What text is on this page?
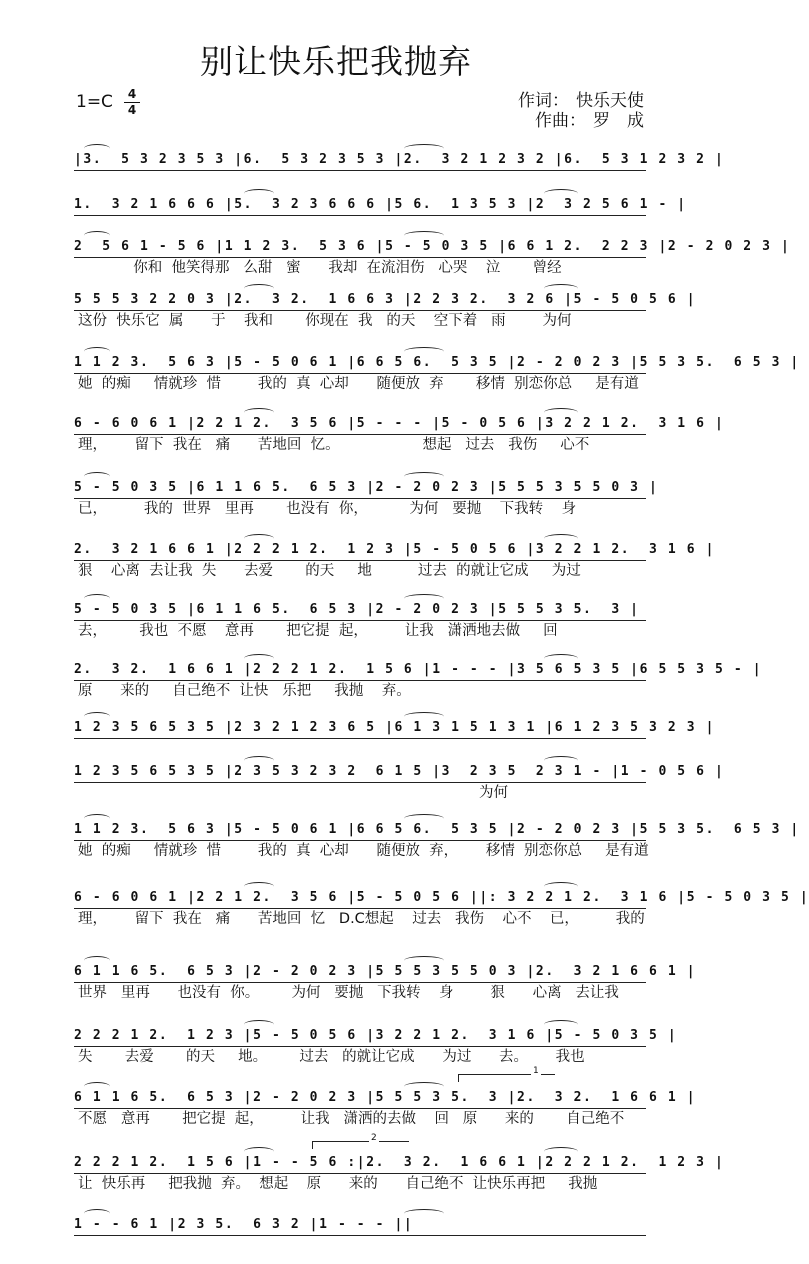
别让快乐把我抛弃
1=C	4
4	作词： 快乐天使
作曲： 罗　成
|3.  5 3 2 3 5 3 |6.  5 3 2 3 5 3 |2.  3 2 1 2 3 2 |6.  5 3 1 2 3 2 |
1.  3 2 1 6 6 6 |5.  3 2 3 6 6 6 |5 6.  1 3 5 3 |2  3 2 5 6 1 - |
2  5 6 1 - 5 6 |1 1 2 3.  5 3 6 |5 - 5 0 3 5 |6 6 1 2.  2 2 3 |2 - 2 0 2 3 |
你和  他笑得那   么甜   蜜      我却  在流泪伤   心哭    泣       曾经
5 5 5 3 2 2 0 3 |2.  3 2.  1 6 6 3 |2 2 3 2.  3 2 6 |5 - 5 0 5 6 |
这份  快乐它  属      于    我和       你现在  我   的天    空下着   雨        为何
1 1 2 3.  5 6 3 |5 - 5 0 6 1 |6 6 5 6.  5 3 5 |2 - 2 0 2 3 |5 5 3 5.  6 5 3 |
她  的痴     情就珍  惜        我的  真  心却      随便放  弃       移情  别恋你总     是有道
6 - 6 0 6 1 |2 2 1 2.  3 5 6 |5 - - - |5 - 0 5 6 |3 2 2 1 2.  3 1 6 |
理，      留下  我在   痛      苦地回  忆。                  想起   过去   我伤     心不
5 - 5 0 3 5 |6 1 1 6 5.  6 5 3 |2 - 2 0 2 3 |5 5 5 3 5 5 0 3 |
已，        我的  世界   里再       也没有  你，         为何   要抛    下我转    身
2.  3 2 1 6 6 1 |2 2 2 1 2.  1 2 3 |5 - 5 0 5 6 |3 2 2 1 2.  3 1 6 |
狠    心离  去让我  失      去爱       的天     地          过去  的就让它成     为过
5 - 5 0 3 5 |6 1 1 6 5.  6 5 3 |2 - 2 0 2 3 |5 5 5 3 5.  3 |
去，       我也  不愿    意再       把它提  起，        让我   潇洒地去做     回
2.  3 2.  1 6 6 1 |2 2 2 1 2.  1 5 6 |1 - - - |3 5 6 5 3 5 |6 5 5 3 5 - |
原      来的     自己绝不  让快   乐把     我抛    弃。
1 2 3 5 6 5 3 5 |2 3 2 1 2 3 6 5 |6 1 3 1 5 1 3 1 |6 1 2 3 5 3 2 3 |
1 2 3 5 6 5 3 5 |2 3 5 3 2 3 2  6 1 5 |3  2 3 5  2 3 1 - |1 - 0 5 6 |
为何
1 1 2 3.  5 6 3 |5 - 5 0 6 1 |6 6 5 6.  5 3 5 |2 - 2 0 2 3 |5 5 3 5.  6 5 3 |
她  的痴     情就珍  惜        我的  真  心却      随便放  弃，      移情  别恋你总     是有道
6 - 6 0 6 1 |2 2 1 2.  3 5 6 |5 - 5 0 5 6 ||: 3 2 2 1 2.  3 1 6 |5 - 5 0 3 5 |
理，      留下  我在   痛      苦地回  忆   D.C想起    过去   我伤    心不    已，        我的
6 1 1 6 5.  6 5 3 |2 - 2 0 2 3 |5 5 5 3 5 5 0 3 |2.  3 2 1 6 6 1 |
世界   里再      也没有  你。       为何   要抛   下我转    身        狠      心离   去让我
2 2 2 1 2.  1 2 3 |5 - 5 0 5 6 |3 2 2 1 2.  3 1 6 |5 - 5 0 3 5 |
失       去爱       的天     地。       过去   的就让它成      为过      去。      我也
6 1 1 6 5.  6 5 3 |2 - 2 0 2 3 |5 5 5 3 5.  3 |2.  3 2.  1 6 6 1 |
不愿   意再       把它提  起，        让我   潇洒的去做    回   原      来的       自己绝不
2 2 2 1 2.  1 5 6 |1 - - 5 6 :|2.  3 2.  1 6 6 1 |2 2 2 1 2.  1 2 3 |
让  快乐再     把我抛  弃。  想起    原      来的      自己绝不  让快乐再把     我抛
1 - - 6 1 |2 3 5.  6 3 2 |1 - - - ||
1
2
